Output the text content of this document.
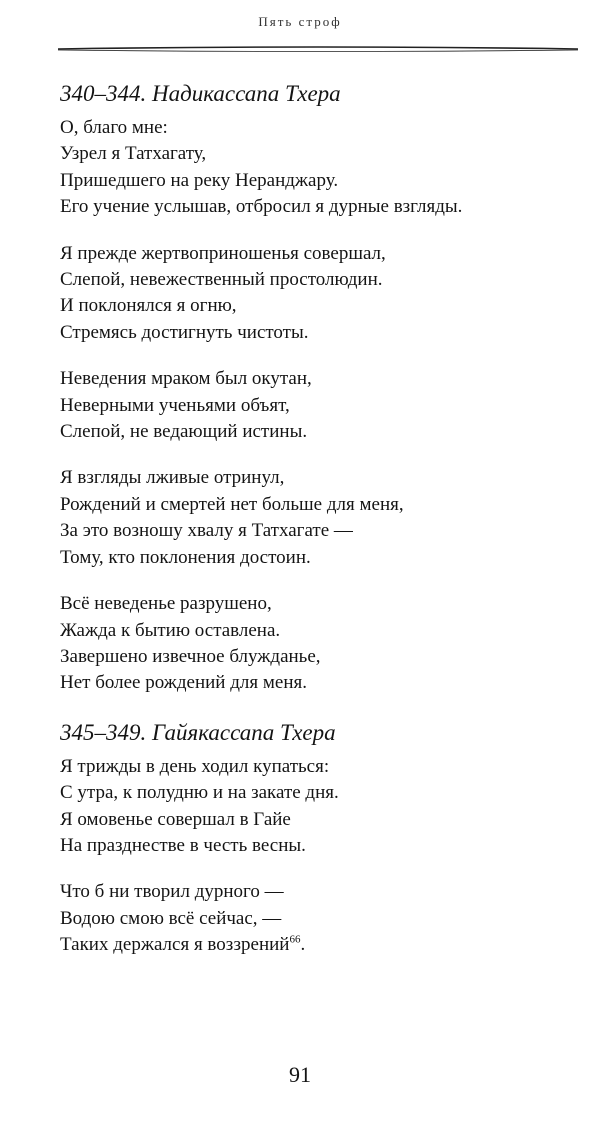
Пять строф
340–344. Надикассапа Тхера
О, благо мне:
Узрел я Татхагату,
Пришедшего на реку Неранджару.
Его учение услышав, отбросил я дурные взгляды.
Я прежде жертвоприношенья совершал,
Слепой, невежественный простолюдин.
И поклонялся я огню,
Стремясь достигнуть чистоты.
Неведения мраком был окутан,
Неверными ученьями объят,
Слепой, не ведающий истины.
Я взгляды лживые отринул,
Рождений и смертей нет больше для меня,
За это возношу хвалу я Татхагате —
Тому, кто поклонения достоин.
Всё неведенье разрушено,
Жажда к бытию оставлена.
Завершено извечное блужданье,
Нет более рождений для меня.
345–349. Гайякассапа Тхера
Я трижды в день ходил купаться:
С утра, к полудню и на закате дня.
Я омовенье совершал в Гайе
На празднестве в честь весны.
Что б ни творил дурного —
Водою смою всё сейчас, —
Таких держался я воззрений$^{66}$.
91
